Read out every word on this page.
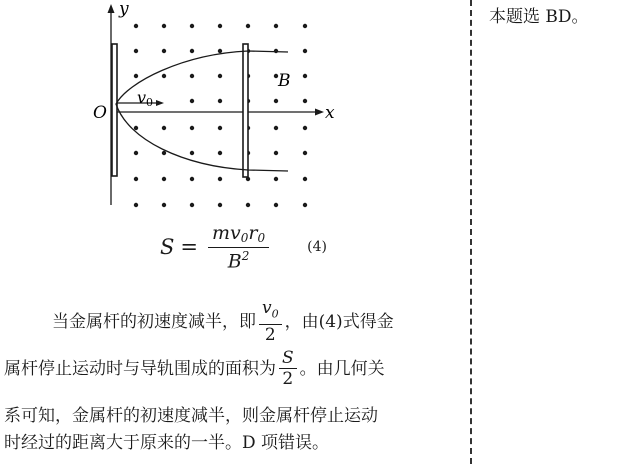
y
x
O
v0
B
$S = \frac{mv_0r_0}{B^2}$	(4)
当金属杆的初速度减半，即 $\frac{v_0}{2}$ ，由(4)式得金
属杆停止运动时与导轨围成的面积为 $\frac{S}{2}$ 。由几何关
系可知，金属杆的初速度减半，则金属杆停止运动
时经过的距离大于原来的一半。D 项错误。
本题选 BD。
